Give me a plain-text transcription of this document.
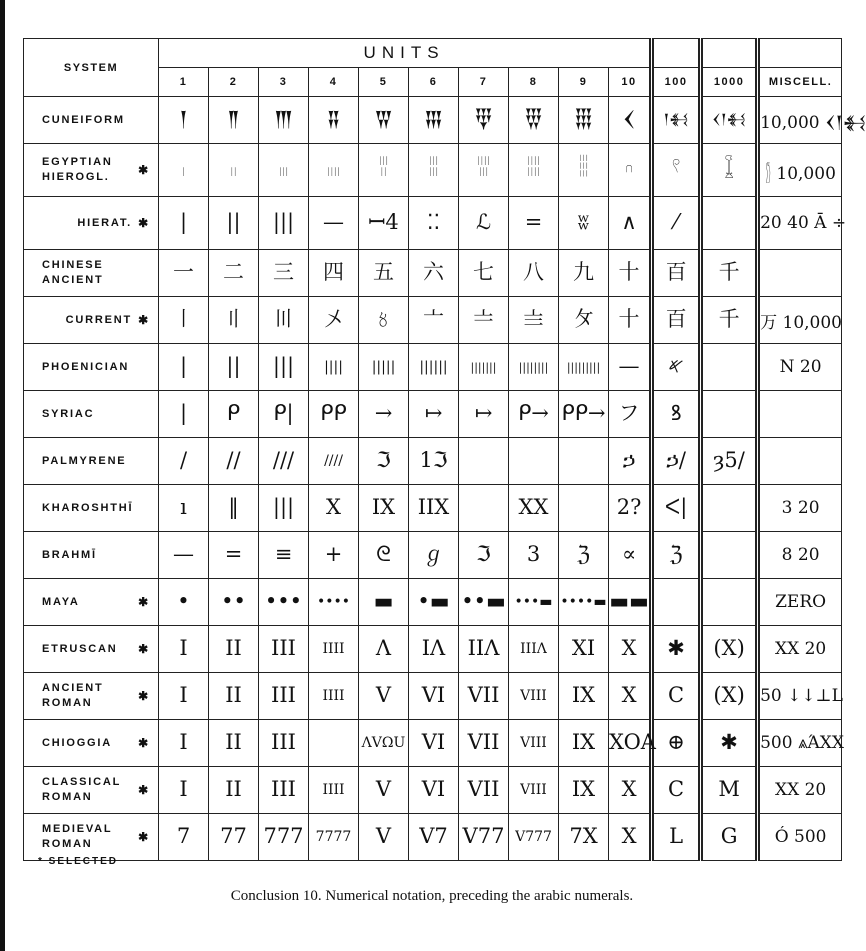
SYSTEM	UNITS												
	1	2	3	4	5	6	7	8	9	10	100	1000	MISCELL.

CUNEIFORM	𒁹	𒈫	𒐈	𒐉	𒐊	𒐋	𒑂	𒑄	𒑆	𒌋	𒁹𒈬	𒌋𒁹𒈬	10,000 𒌋𒁹𒈬

EGYPTIAN
HIEROGL.
✱	𓏺	𓏻	𓏼	𓏽	𓏾	𓏿	𓐀	𓐁	𓐂	𓎆	𓍢	𓆼	𓂭 10,000

HIERAT. ✱	|	||	|||	—	ꟷ4	⁚⁚	ℒ	=	ʬ	∧	⁄		20 40 Ā ÷

CHINESE
ANCIENT	一	二	三	四	五	六	七	八	九	十	百	千	

CURRENT ✱	〡	〢	〣	〤	〥	〦	〧	〨	〩	十	百	千	万 10,000

PHOENICIAN	|	||	|||	||||	|||||	||||||	|||||||	||||||||	|||||||||	—	𐤀		N 20

SYRIAC	|	ᑭ	ᑭ|	ᑭᑭ	→	↦	↦	ᑭ→	ᑭᑭ→	フ	ꝸ		

PALMYRENE	/	//	///	////	ℑ	1ℑ				ኃ	ኃ/	ȝ5/	

KHAROSHTHĪ	ı	‖	|||	X	IX	IIX		XX		2?	ᐸ|		3 20

BRAHMĪ	—	=	≡	+	ᘓ	ℊ	ℑ	3	ℨ	∝	ℨ		8 20

MAYA ✱	•	••	•••	••••	▬	•▬	••▬	•••▬	••••▬	▬▬			ZERO

ETRUSCAN ✱	I	II	III	IIII	Λ	IΛ	IIΛ	IIIΛ	XI	X	✱	(X)	XX 20

ANCIENT
ROMAN
✱	I	II	III	IIII	V	VI	VII	VIII	IX	X	C	(X)	50 ↓↓⊥L

CHIOGGIA ✱	I	II	III		ΛVΩU	VI	VII	VIII	IX	XOA	⊕	✱	500 ⩓ΆXX

CLASSICAL
ROMAN
✱	I	II	III	IIII	V	VI	VII	VIII	IX	X	C	M	XX 20

MEDIEVAL
ROMAN
✱	7	77	777	7777	V	V7	V77	V777	7X	X	L	G	Ó 500
* SELECTED
Conclusion 10. Numerical notation, preceding the arabic numerals.
